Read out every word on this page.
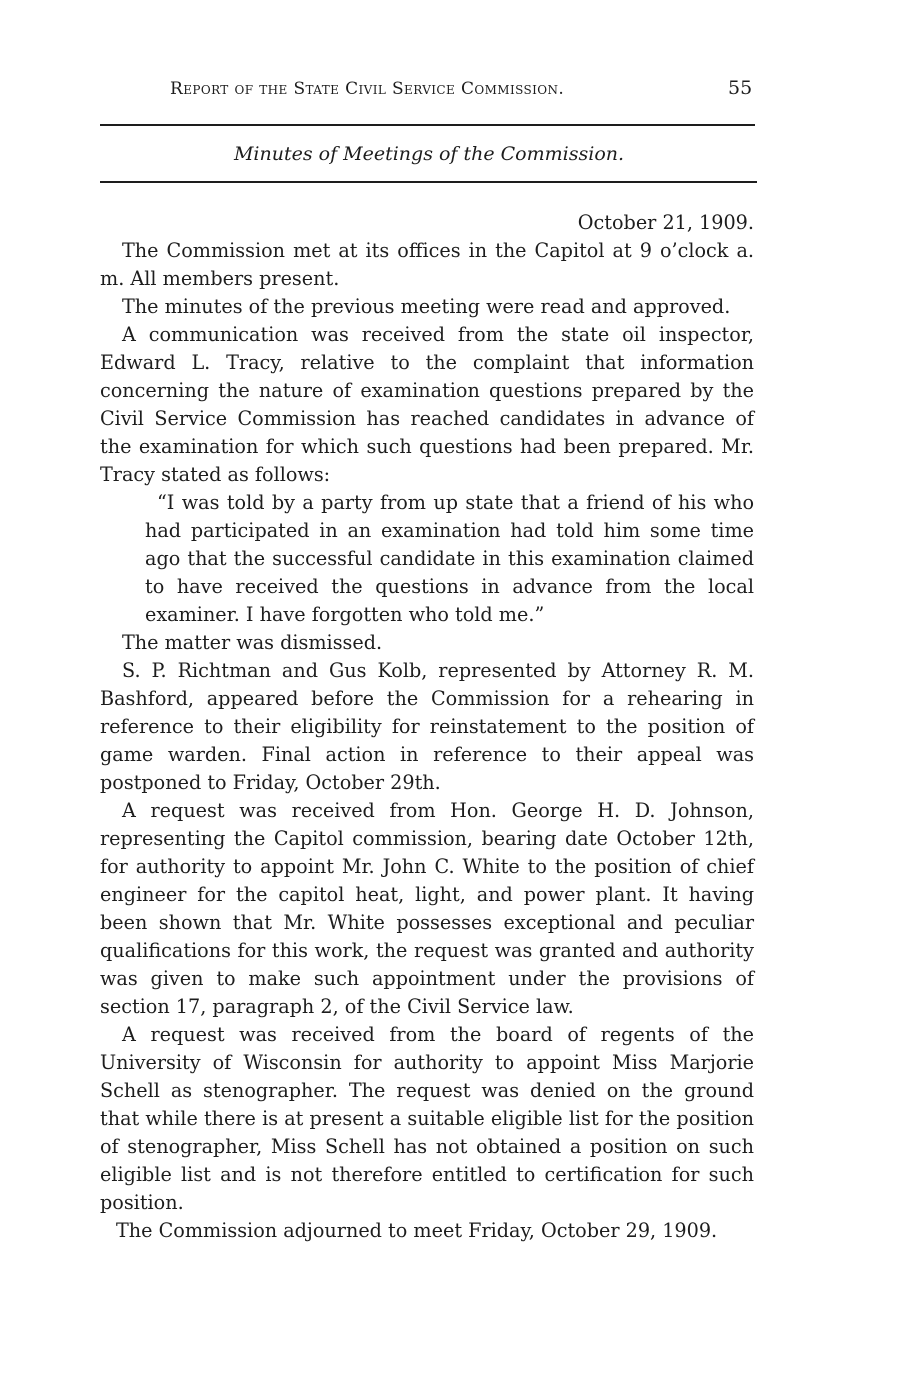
Report of the State Civil Service Commission.	55
Minutes of Meetings of the Commission.

October 21, 1909.

The Commission met at its offices in the Capitol at 9 o’clock a. m. All members present.

The minutes of the previous meeting were read and approved.

A communication was received from the state oil inspector, Edward L. Tracy, relative to the complaint that information concerning the nature of examination questions prepared by the Civil Service Commission has reached candidates in advance of the examination for which such questions had been prepared. Mr. Tracy stated as follows:

“I was told by a party from up state that a friend of his who had participated in an examination had told him some time ago that the successful candidate in this examination claimed to have received the questions in advance from the local examiner. I have forgotten who told me.”

The matter was dismissed.

S. P. Richtman and Gus Kolb, represented by Attorney R. M. Bashford, appeared before the Commission for a rehearing in reference to their eligibility for reinstatement to the position of game warden. Final action in reference to their appeal was postponed to Friday, October 29th.

A request was received from Hon. George H. D. Johnson, representing the Capitol commission, bearing date October 12th, for authority to appoint Mr. John C. White to the position of chief engineer for the capitol heat, light, and power plant. It having been shown that Mr. White possesses exceptional and peculiar qualifications for this work, the request was granted and authority was given to make such appointment under the provisions of section 17, paragraph 2, of the Civil Service law.

A request was received from the board of regents of the University of Wisconsin for authority to appoint Miss Marjorie Schell as stenographer. The request was denied on the ground that while there is at present a suitable eligible list for the position of stenographer, Miss Schell has not obtained a position on such eligible list and is not therefore entitled to certification for such position.

The Commission adjourned to meet Friday, October 29, 1909.
